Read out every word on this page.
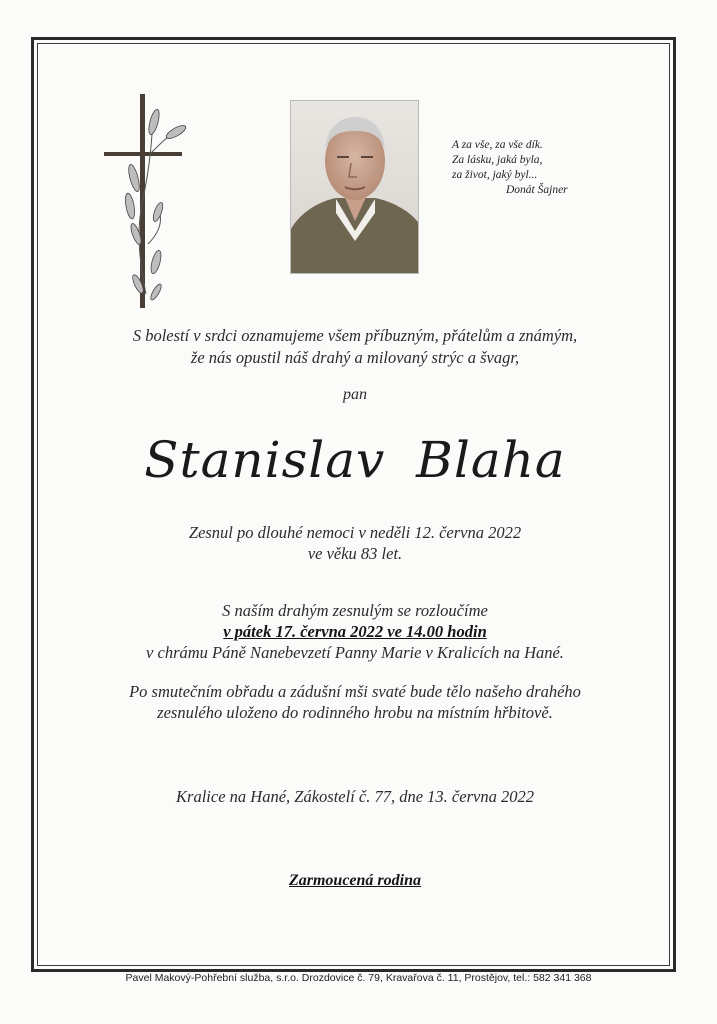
A za vše, za vše dík.
Za lásku, jaká byla,
za život, jaký byl...
Donát Šajner
S bolestí v srdci oznamujeme všem příbuzným, přátelům a známým,
že nás opustil náš drahý a milovaný strýc a švagr,
pan
Stanislav Blaha
Zesnul po dlouhé nemoci v neděli 12. června 2022
ve věku 83 let.
S naším drahým zesnulým se rozloučíme
v pátek 17. června 2022 ve 14.00 hodin
v chrámu Páně Nanebevzetí Panny Marie v Kralicích na Hané.
Po smutečním obřadu a zádušní mši svaté bude tělo našeho drahého
zesnulého uloženo do rodinného hrobu na místním hřbitově.
Kralice na Hané, Zákostelí č. 77, dne 13. června 2022
Zarmoucená rodina
Pavel Makový-Pohřební služba, s.r.o. Drozdovice č. 79, Kravařova č. 11, Prostějov, tel.: 582 341 368
